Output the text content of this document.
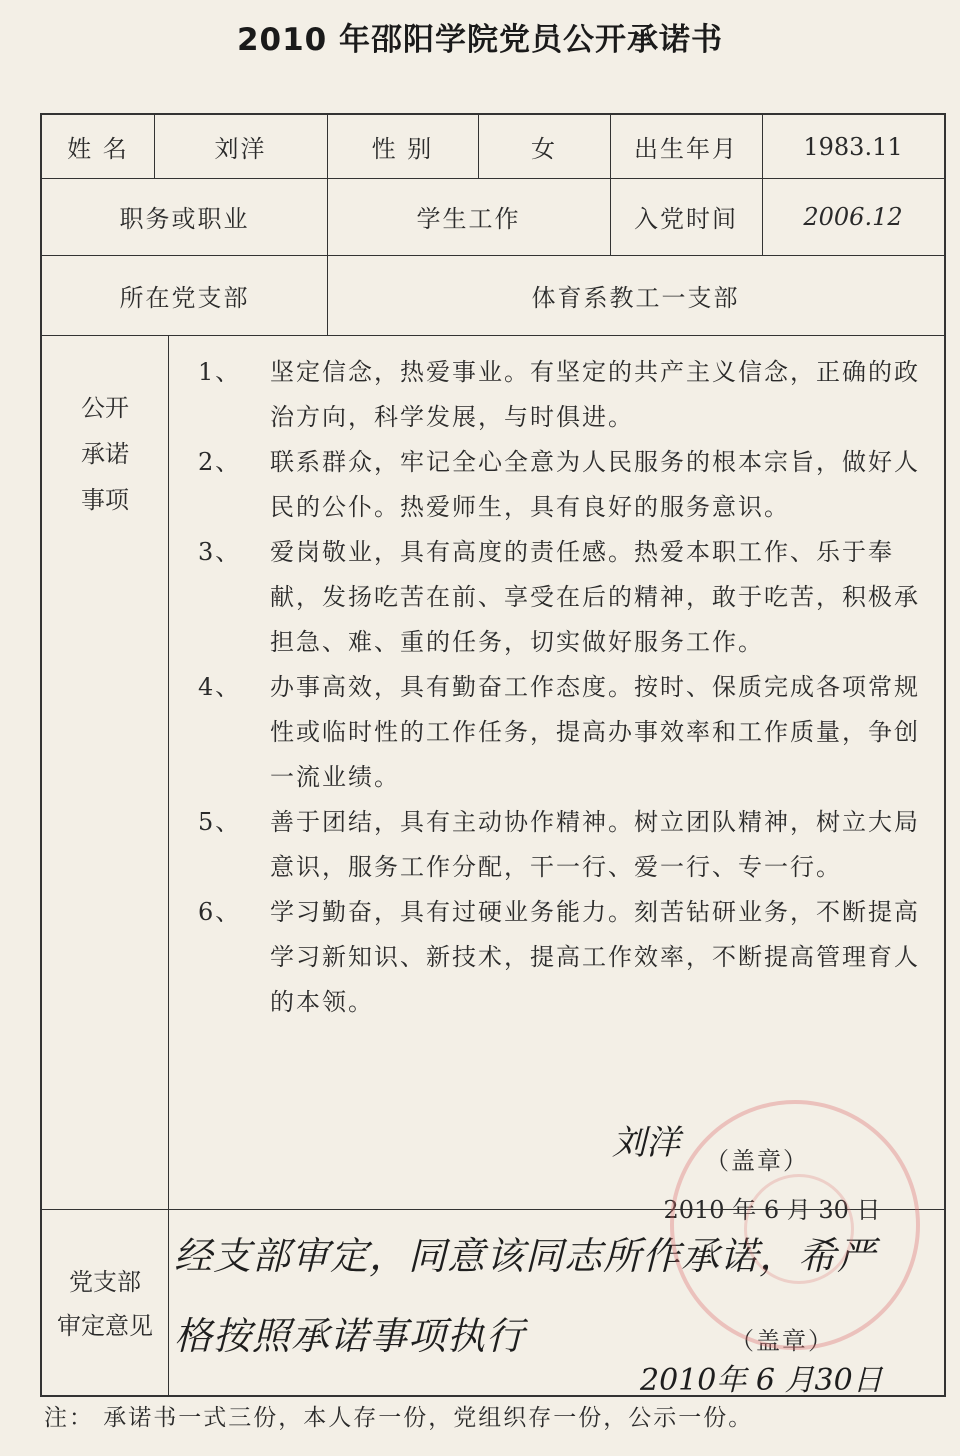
2010 年邵阳学院党员公开承诺书
姓 名	刘洋	性 别	女	出生年月	1983.11
职务或职业	学生工作	入党时间	2006.12
所在党支部	体育系教工一支部
公开
承诺
事项
1、	坚定信念，热爱事业。有坚定的共产主义信念，正确的政治方向，科学发展，与时俱进。
2、	联系群众，牢记全心全意为人民服务的根本宗旨，做好人民的公仆。热爱师生，具有良好的服务意识。
3、	爱岗敬业，具有高度的责任感。热爱本职工作、乐于奉献，发扬吃苦在前、享受在后的精神，敢于吃苦，积极承担急、难、重的任务，切实做好服务工作。
4、	办事高效，具有勤奋工作态度。按时、保质完成各项常规性或临时性的工作任务，提高办事效率和工作质量，争创一流业绩。
5、	善于团结，具有主动协作精神。树立团队精神，树立大局意识，服务工作分配，干一行、爱一行、专一行。
6、	学习勤奋，具有过硬业务能力。刻苦钻研业务，不断提高学习新知识、新技术，提高工作效率，不断提高管理育人的本领。
刘洋	（盖章）
2010 年 6 月 30 日
党支部
审定意见
经支部审定，同意该同志所作承诺，希严
格按照承诺事项执行	（盖章）
2010年 6 月30日
注： 承诺书一式三份，本人存一份，党组织存一份，公示一份。
